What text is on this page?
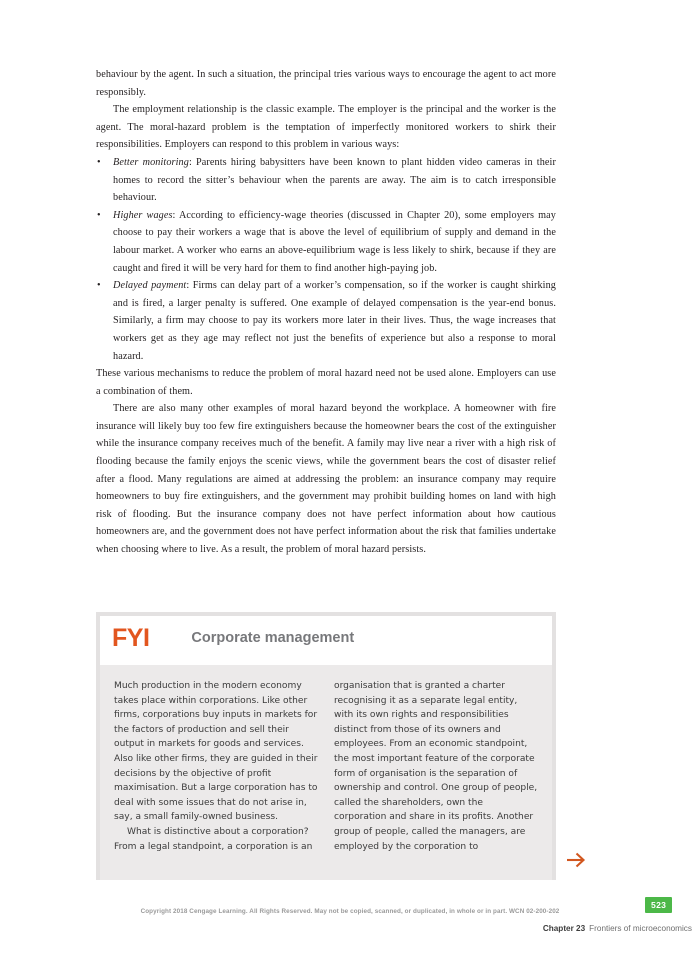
behaviour by the agent. In such a situation, the principal tries various ways to encourage the agent to act more responsibly.

The employment relationship is the classic example. The employer is the principal and the worker is the agent. The moral-hazard problem is the temptation of imperfectly monitored workers to shirk their responsibilities. Employers can respond to this problem in various ways:

• Better monitoring: Parents hiring babysitters have been known to plant hidden video cameras in their homes to record the sitter’s behaviour when the parents are away. The aim is to catch irresponsible behaviour.
• Higher wages: According to efficiency-wage theories (discussed in Chapter 20), some employers may choose to pay their workers a wage that is above the level of equilibrium of supply and demand in the labour market. A worker who earns an above-equilibrium wage is less likely to shirk, because if they are caught and fired it will be very hard for them to find another high-paying job.
• Delayed payment: Firms can delay part of a worker’s compensation, so if the worker is caught shirking and is fired, a larger penalty is suffered. One example of delayed compensation is the year-end bonus. Similarly, a firm may choose to pay its workers more later in their lives. Thus, the wage increases that workers get as they age may reflect not just the benefits of experience but also a response to moral hazard.

These various mechanisms to reduce the problem of moral hazard need not be used alone. Employers can use a combination of them.

There are also many other examples of moral hazard beyond the workplace. A homeowner with fire insurance will likely buy too few fire extinguishers because the homeowner bears the cost of the extinguisher while the insurance company receives much of the benefit. A family may live near a river with a high risk of flooding because the family enjoys the scenic views, while the government bears the cost of disaster relief after a flood. Many regulations are aimed at addressing the problem: an insurance company may require homeowners to buy fire extinguishers, and the government may prohibit building homes on land with high risk of flooding. But the insurance company does not have perfect information about how cautious homeowners are, and the government does not have perfect information about the risk that families undertake when choosing where to live. As a result, the problem of moral hazard persists.

FYI	Corporate management

Much production in the modern economy takes place within corporations. Like other firms, corporations buy inputs in markets for the factors of production and sell their output in markets for goods and services. Also like other firms, they are guided in their decisions by the objective of profit maximisation. But a large corporation has to deal with some issues that do not arise in, say, a small family-owned business.

What is distinctive about a corporation? From a legal standpoint, a corporation is an

organisation that is granted a charter recognising it as a separate legal entity, with its own rights and responsibilities distinct from those of its owners and employees. From an economic standpoint, the most important feature of the corporate form of organisation is the separation of ownership and control. One group of people, called the shareholders, own the corporation and share in its profits. Another group of people, called the managers, are employed by the corporation to

Copyright 2018 Cengage Learning. All Rights Reserved. May not be copied, scanned, or duplicated, in whole or in part. WCN 02-200-202
523
Chapter 23 Frontiers of microeconomics
